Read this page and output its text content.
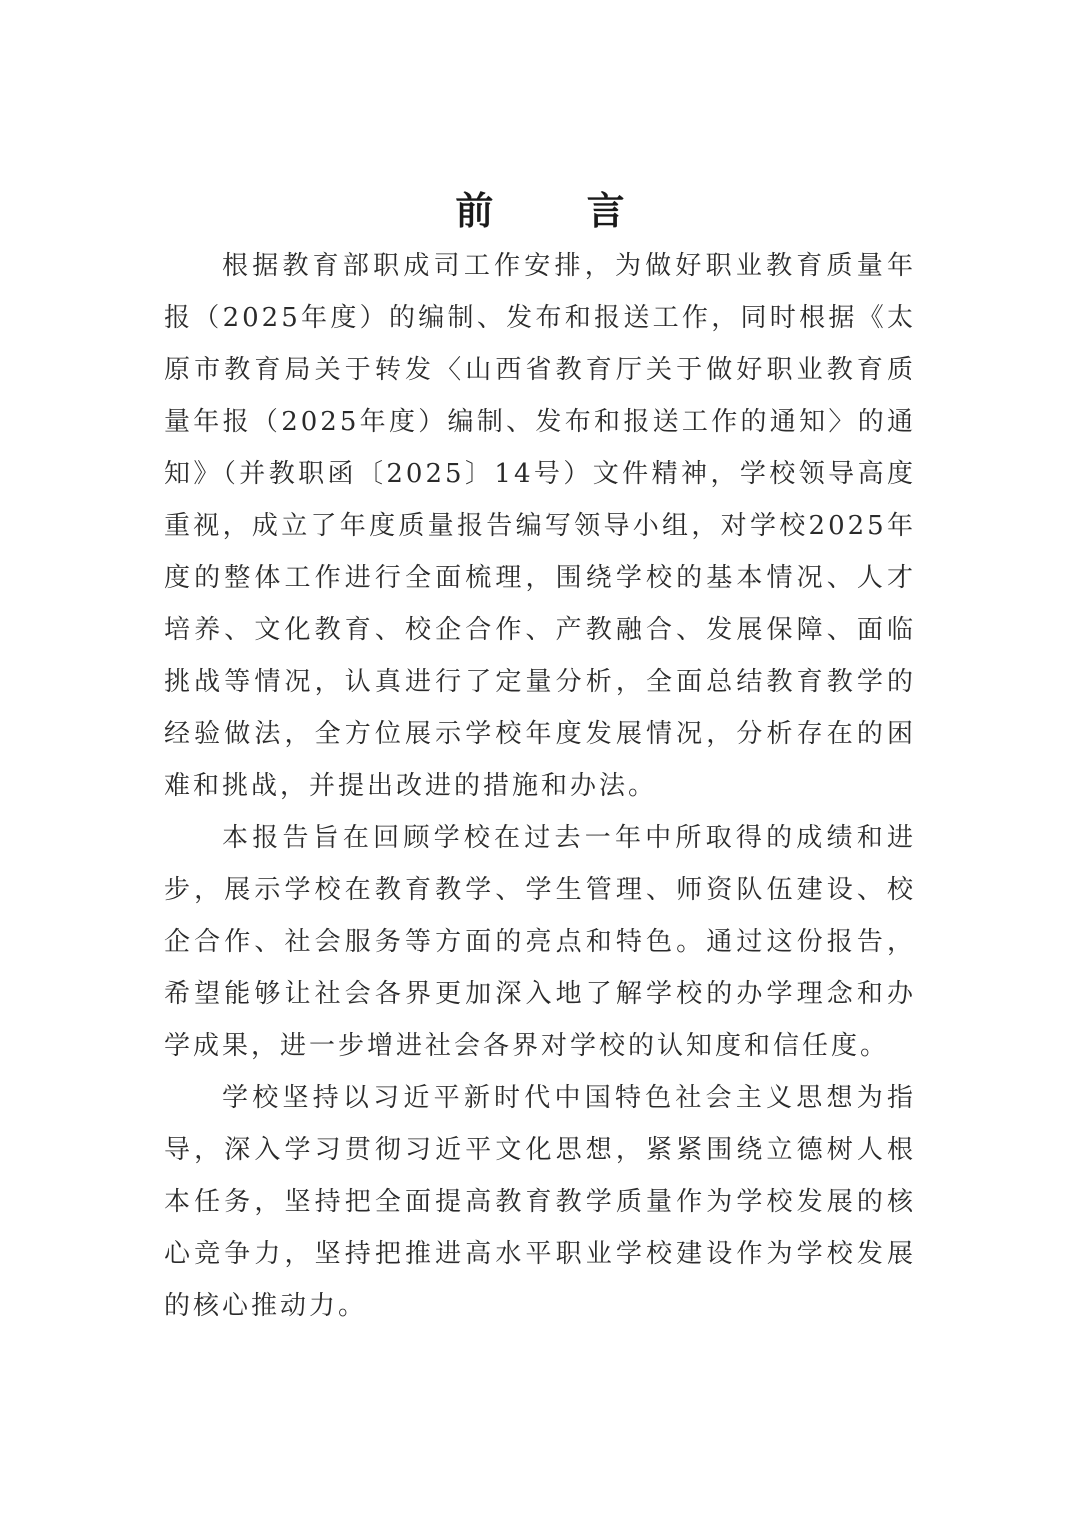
前 言

根据教育部职成司工作安排，为做好职业教育质量年报（2025年度）的编制、发布和报送工作，同时根据《太原市教育局关于转发〈山西省教育厅关于做好职业教育质量年报（2025年度）编制、发布和报送工作的通知〉的通知》（并教职函〔2025〕14号）文件精神，学校领导高度重视，成立了年度质量报告编写领导小组，对学校2025年度的整体工作进行全面梳理，围绕学校的基本情况、人才培养、文化教育、校企合作、产教融合、发展保障、面临挑战等情况，认真进行了定量分析，全面总结教育教学的经验做法，全方位展示学校年度发展情况，分析存在的困难和挑战，并提出改进的措施和办法。

本报告旨在回顾学校在过去一年中所取得的成绩和进步，展示学校在教育教学、学生管理、师资队伍建设、校企合作、社会服务等方面的亮点和特色。通过这份报告，希望能够让社会各界更加深入地了解学校的办学理念和办学成果，进一步增进社会各界对学校的认知度和信任度。

学校坚持以习近平新时代中国特色社会主义思想为指导，深入学习贯彻习近平文化思想，紧紧围绕立德树人根本任务，坚持把全面提高教育教学质量作为学校发展的核心竞争力，坚持把推进高水平职业学校建设作为学校发展的核心推动力。
